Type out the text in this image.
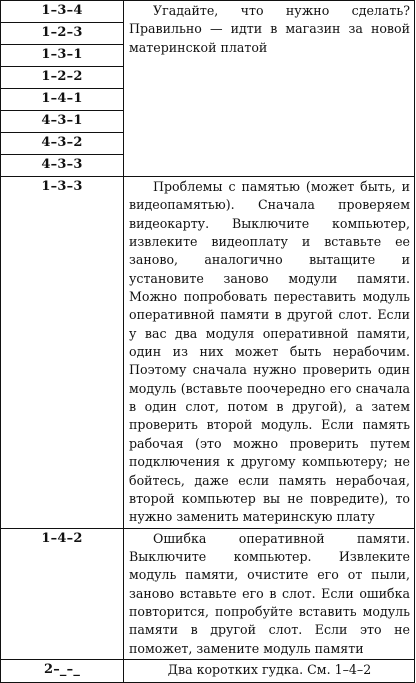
1–3–4	Угадайте, что нужно сделать? Правильно — идти в магазин за новой материнской платой

1–2–3	
1–3–1	
1–2–2	
1–4–1	
4–3–1	
4–3–2	
4–3–3	
1–3–3	Проблемы с памятью (может быть, и видеопамятью). Сначала проверяем видеокарту. Выключите компьютер, извлеките видеоплату и вставьте ее заново, аналогично вытащите и установите заново модули памяти. Можно попробовать переставить модуль оперативной памяти в другой слот. Если у вас два модуля оперативной памяти, один из них может быть нерабочим. Поэтому сначала нужно проверить один модуль (вставьте поочередно его сначала в один слот, потом в другой), а затем проверить второй модуль. Если память рабочая (это можно проверить путем подключения к другому компьютеру; не бойтесь, даже если память нерабочая, второй компьютер вы не повредите), то нужно заменить материнскую плату

1–4–2	Ошибка оперативной памяти. Выключите компьютер. Извлеките модуль памяти, очистите его от пыли, заново вставьте его в слот. Если ошибка повторится, попробуйте вставить модуль памяти в другой слот. Если это не поможет, замените модуль памяти

2–_–_	Два коротких гудка. См. 1–4–2
